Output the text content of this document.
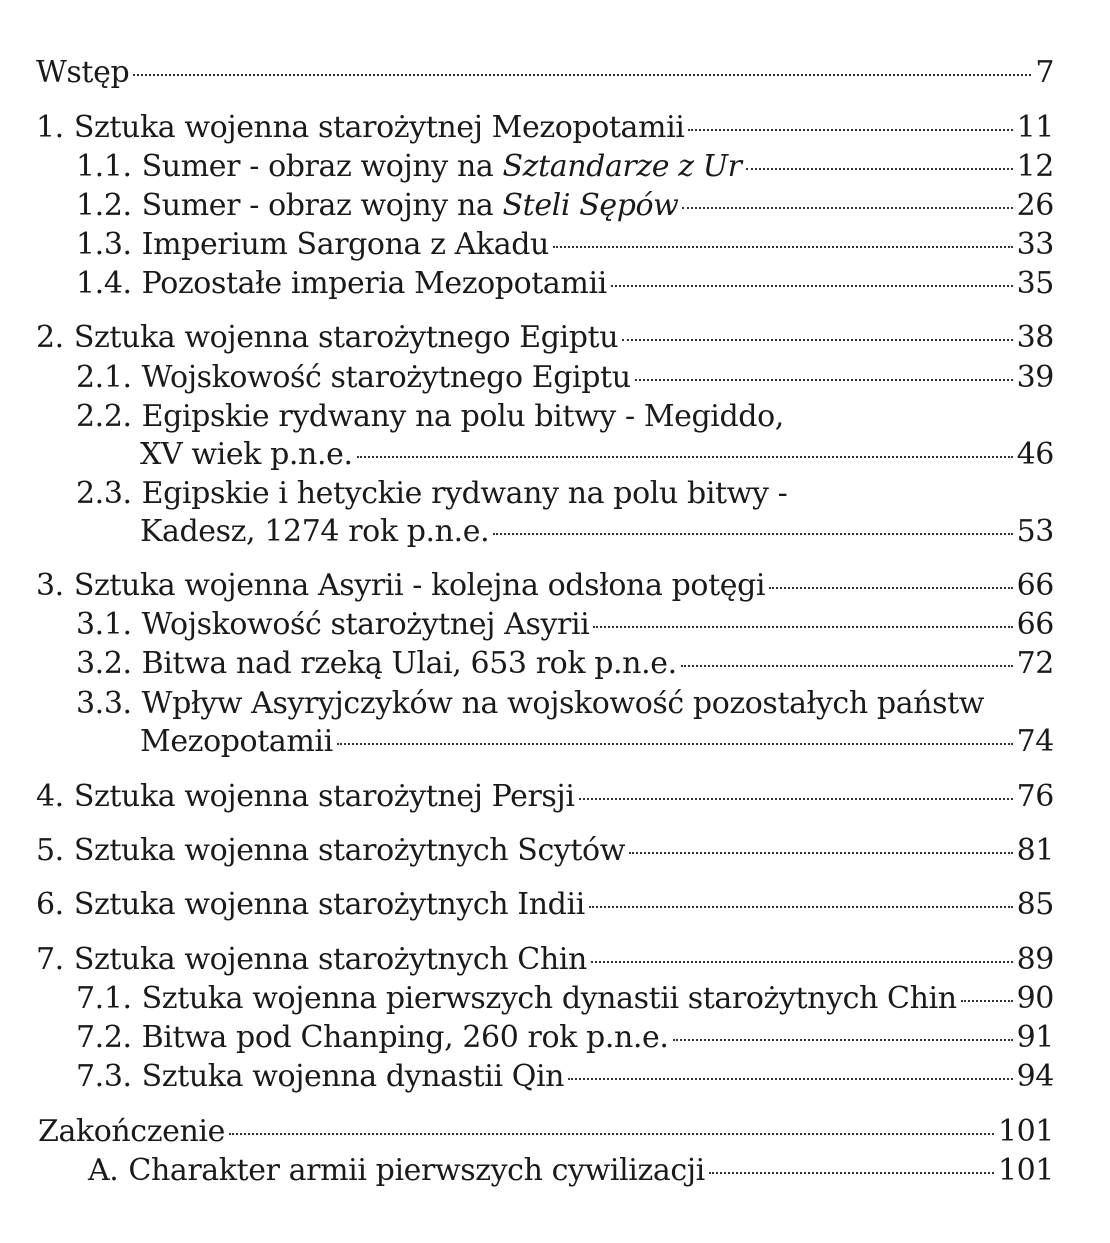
Wstęp	7
1. Sztuka wojenna starożytnej Mezopotamii	11
1.1. Sumer - obraz wojny na Sztandarze z Ur	12
1.2. Sumer - obraz wojny na Steli Sępów	26
1.3. Imperium Sargona z Akadu	33
1.4. Pozostałe imperia Mezopotamii	35
2. Sztuka wojenna starożytnego Egiptu	38
2.1. Wojskowość starożytnego Egiptu	39
2.2. Egipskie rydwany na polu bitwy - Megiddo,
XV wiek p.n.e.	46
2.3. Egipskie i hetyckie rydwany na polu bitwy -
Kadesz, 1274 rok p.n.e.	53
3. Sztuka wojenna Asyrii - kolejna odsłona potęgi	66
3.1. Wojskowość starożytnej Asyrii	66
3.2. Bitwa nad rzeką Ulai, 653 rok p.n.e.	72
3.3. Wpływ Asyryjczyków na wojskowość pozostałych państw
Mezopotamii	74
4. Sztuka wojenna starożytnej Persji	76
5. Sztuka wojenna starożytnych Scytów	81
6. Sztuka wojenna starożytnych Indii	85
7. Sztuka wojenna starożytnych Chin	89
7.1. Sztuka wojenna pierwszych dynastii starożytnych Chin 90
7.2. Bitwa pod Chanping, 260 rok p.n.e.	91
7.3. Sztuka wojenna dynastii Qin	94
Zakończenie	101
A. Charakter armii pierwszych cywilizacji	101
